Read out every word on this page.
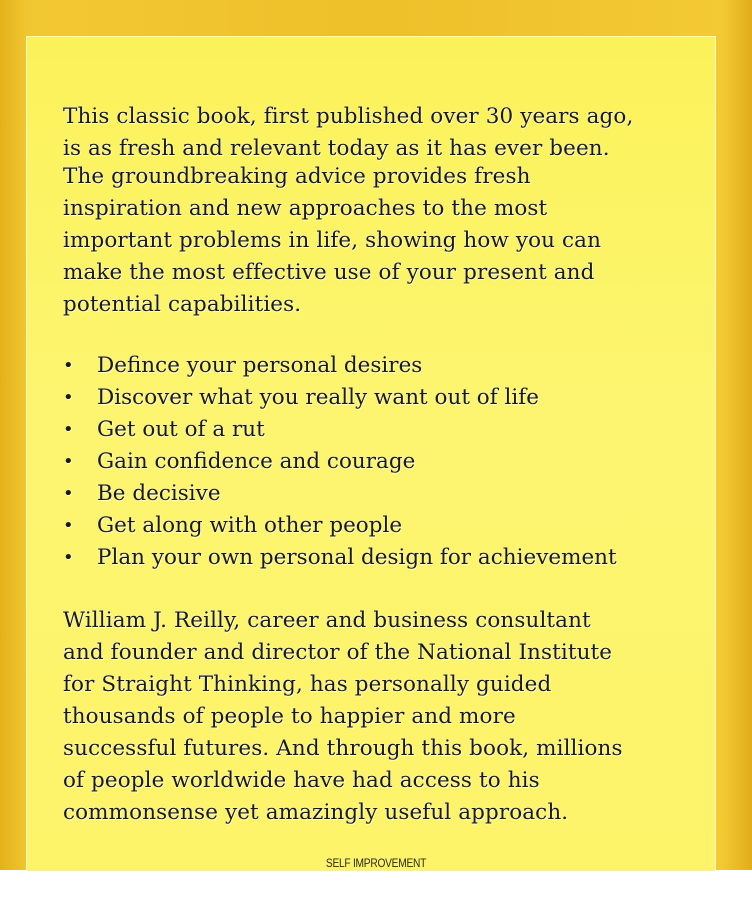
This classic book, first published over 30 years ago,
is as fresh and relevant today as it has ever been.
The groundbreaking advice provides fresh
inspiration and new approaches to the most
important problems in life, showing how you can
make the most effective use of your present and
potential capabilities.
• Defince your personal desires
• Discover what you really want out of life
• Get out of a rut
• Gain confidence and courage
• Be decisive
• Get along with other people
• Plan your own personal design for achievement
William J. Reilly, career and business consultant
and founder and director of the National Institute
for Straight Thinking, has personally guided
thousands of people to happier and more
successful futures. And through this book, millions
of people worldwide have had access to his
commonsense yet amazingly useful approach.
SELF IMPROVEMENT
